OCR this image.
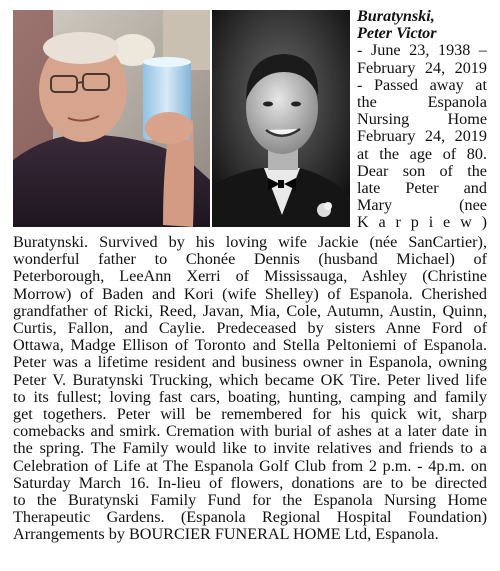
Buratynski,
Peter Victor
- June 23, 1938 –
February 24, 2019
- Passed away at
the Espanola
Nursing Home
February 24, 2019
at the age of 80.
Dear son of the
late Peter and
Mary (nee
K a r p i e w )
Buratynski. Survived by his loving wife Jackie (née SanCartier),
wonderful father to Chonée Dennis (husband Michael) of
Peterborough, LeeAnn Xerri of Mississauga, Ashley (Christine
Morrow) of Baden and Kori (wife Shelley) of Espanola. Cherished
grandfather of Ricki, Reed, Javan, Mia, Cole, Autumn, Austin, Quinn,
Curtis, Fallon, and Caylie. Predeceased by sisters Anne Ford of
Ottawa, Madge Ellison of Toronto and Stella Peltoniemi of Espanola.
Peter was a lifetime resident and business owner in Espanola, owning
Peter V. Buratynski Trucking, which became OK Tire. Peter lived life
to its fullest; loving fast cars, boating, hunting, camping and family
get togethers. Peter will be remembered for his quick wit, sharp
comebacks and smirk. Cremation with burial of ashes at a later date in
the spring. The Family would like to invite relatives and friends to a
Celebration of Life at The Espanola Golf Club from 2 p.m. - 4p.m. on
Saturday March 16. In-lieu of flowers, donations are to be directed
to the Buratynski Family Fund for the Espanola Nursing Home
Therapeutic Gardens. (Espanola Regional Hospital Foundation)
Arrangements by BOURCIER FUNERAL HOME Ltd, Espanola.
